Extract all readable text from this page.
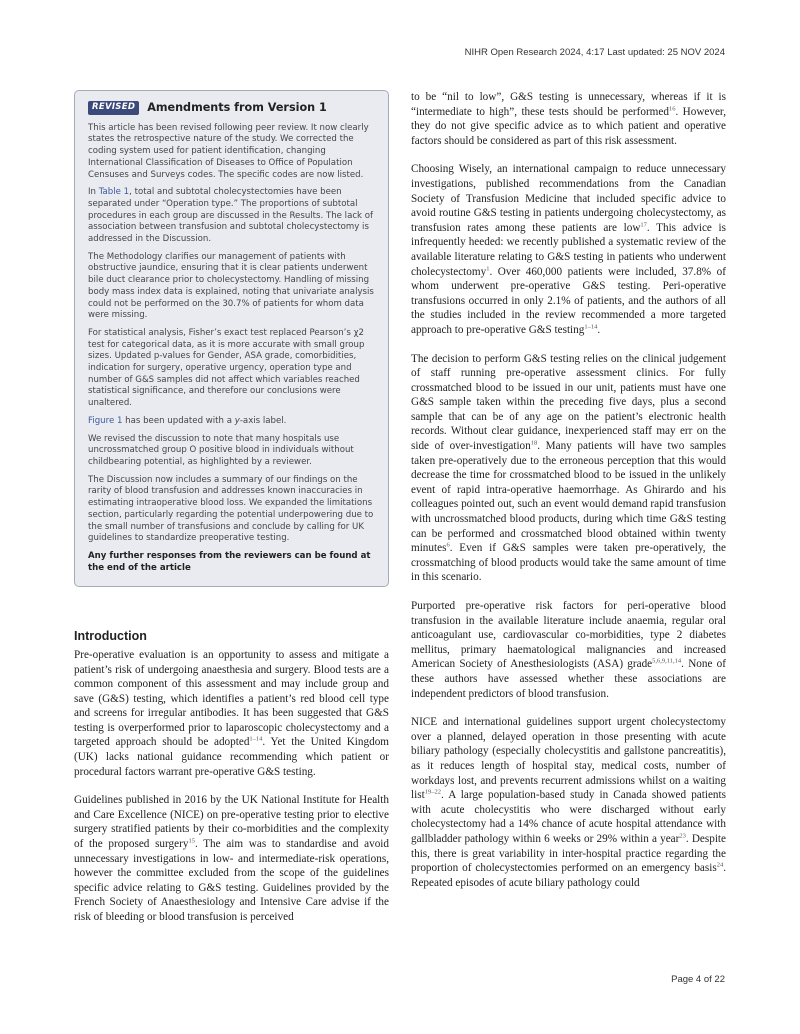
NIHR Open Research 2024, 4:17 Last updated: 25 NOV 2024
REVISED	Amendments from Version 1

This article has been revised following peer review. It now clearly states the retrospective nature of the study. We corrected the coding system used for patient identification, changing International Classification of Diseases to Office of Population Censuses and Surveys codes. The specific codes are now listed.

In Table 1, total and subtotal cholecystectomies have been separated under “Operation type.” The proportions of subtotal procedures in each group are discussed in the Results. The lack of association between transfusion and subtotal cholecystectomy is addressed in the Discussion.

The Methodology clarifies our management of patients with obstructive jaundice, ensuring that it is clear patients underwent bile duct clearance prior to cholecystectomy. Handling of missing body mass index data is explained, noting that univariate analysis could not be performed on the 30.7% of patients for whom data were missing.

For statistical analysis, Fisher’s exact test replaced Pearson’s χ2 test for categorical data, as it is more accurate with small group sizes. Updated p-values for Gender, ASA grade, comorbidities, indication for surgery, operative urgency, operation type and number of G&S samples did not affect which variables reached statistical significance, and therefore our conclusions were unaltered.

Figure 1 has been updated with a y-axis label.

We revised the discussion to note that many hospitals use uncrossmatched group O positive blood in individuals without childbearing potential, as highlighted by a reviewer.

The Discussion now includes a summary of our findings on the rarity of blood transfusion and addresses known inaccuracies in estimating intraoperative blood loss. We expanded the limitations section, particularly regarding the potential underpowering due to the small number of transfusions and conclude by calling for UK guidelines to standardize preoperative testing.

Any further responses from the reviewers can be found at the end of the article

Introduction

Pre-operative evaluation is an opportunity to assess and mitigate a patient’s risk of undergoing anaesthesia and surgery. Blood tests are a common component of this assessment and may include group and save (G&S) testing, which identifies a patient’s red blood cell type and screens for irregular antibodies. It has been suggested that G&S testing is overperformed prior to laparoscopic cholecystectomy and a targeted approach should be adopted$^{1-14}$. Yet the United Kingdom (UK) lacks national guidance recommending which patient or procedural factors warrant pre-operative G&S testing.

Guidelines published in 2016 by the UK National Institute for Health and Care Excellence (NICE) on pre-operative testing prior to elective surgery stratified patients by their co-morbidities and the complexity of the proposed surgery$^{15}$. The aim was to standardise and avoid unnecessary investigations in low- and intermediate-risk operations, however the committee excluded from the scope of the guidelines specific advice relating to G&S testing. Guidelines provided by the French Society of Anaesthesiology and Intensive Care advise if the risk of bleeding or blood transfusion is perceived

to be “nil to low”, G&S testing is unnecessary, whereas if it is “intermediate to high”, these tests should be performed$^{16}$. However, they do not give specific advice as to which patient and operative factors should be considered as part of this risk assessment.

Choosing Wisely, an international campaign to reduce unnecessary investigations, published recommendations from the Canadian Society of Transfusion Medicine that included specific advice to avoid routine G&S testing in patients undergoing cholecystectomy, as transfusion rates among these patients are low$^{17}$. This advice is infrequently heeded: we recently published a systematic review of the available literature relating to G&S testing in patients who underwent cholecystectomy$^1$. Over 460,000 patients were included, 37.8% of whom underwent pre-operative G&S testing. Peri-operative transfusions occurred in only 2.1% of patients, and the authors of all the studies included in the review recommended a more targeted approach to pre-operative G&S testing$^{1-14}$.

The decision to perform G&S testing relies on the clinical judgement of staff running pre-operative assessment clinics. For fully crossmatched blood to be issued in our unit, patients must have one G&S sample taken within the preceding five days, plus a second sample that can be of any age on the patient’s electronic health records. Without clear guidance, inexperienced staff may err on the side of over-investigation$^{18}$. Many patients will have two samples taken pre-operatively due to the erroneous perception that this would decrease the time for crossmatched blood to be issued in the unlikely event of rapid intra-operative haemorrhage. As Ghirardo and his colleagues pointed out, such an event would demand rapid transfusion with uncrossmatched blood products, during which time G&S testing can be performed and crossmatched blood obtained within twenty minutes$^6$. Even if G&S samples were taken pre-operatively, the crossmatching of blood products would take the same amount of time in this scenario.

Purported pre-operative risk factors for peri-operative blood transfusion in the available literature include anaemia, regular oral anticoagulant use, cardiovascular co-morbidities, type 2 diabetes mellitus, primary haematological malignancies and increased American Society of Anesthesiologists (ASA) grade$^{5,6,9,11,14}$. None of these authors have assessed whether these associations are independent predictors of blood transfusion.

NICE and international guidelines support urgent cholecystectomy over a planned, delayed operation in those presenting with acute biliary pathology (especially cholecystitis and gallstone pancreatitis), as it reduces length of hospital stay, medical costs, number of workdays lost, and prevents recurrent admissions whilst on a waiting list$^{19-22}$. A large population-based study in Canada showed patients with acute cholecystitis who were discharged without early cholecystectomy had a 14% chance of acute hospital attendance with gallbladder pathology within 6 weeks or 29% within a year$^{23}$. Despite this, there is great variability in inter-hospital practice regarding the proportion of cholecystectomies performed on an emergency basis$^{24}$. Repeated episodes of acute biliary pathology could

Page 4 of 22
